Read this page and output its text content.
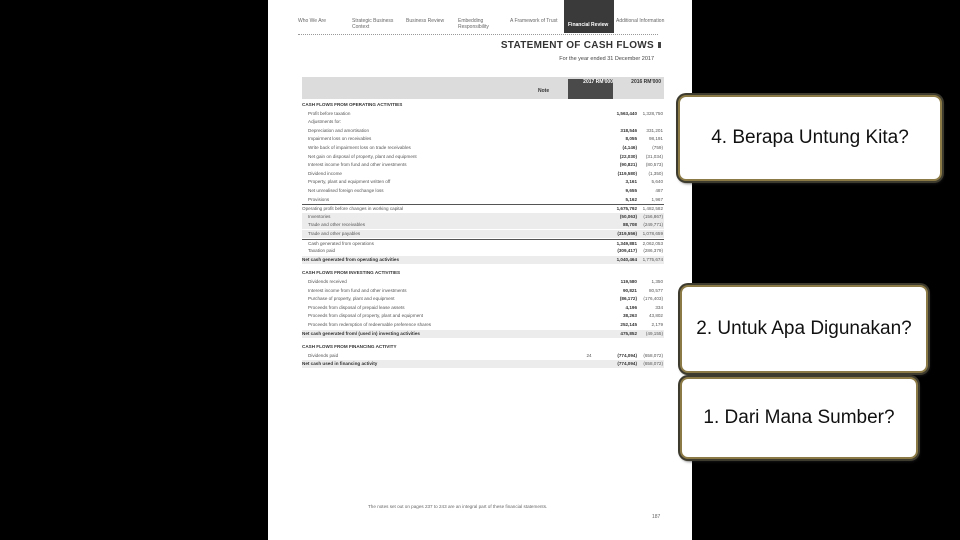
Who We Are	Strategic Business Context
Business Review	Embedding Responsibility
A Framework of Trust
Financial Review
Additional Information
STATEMENT OF CASH FLOWS
For the year ended 31 December 2017
Note
2017 RM'000	2016 RM'000
CASH FLOWS FROM OPERATING ACTIVITIES
Profit before taxation	1,563,440	1,328,750
Adjustments for:
Depreciation and amortisation	318,546	331,201
Impairment loss on receivables	8,055	98,191
Write back of impairment loss on trade receivables	(4,146)	(759)
Net gain on disposal of property, plant and equipment	(22,030)	(31,034)
Interest income from fund and other investments	(90,821)	(80,573)
Dividend income	(119,580)	(1,350)
Property, plant and equipment written off	3,161	5,640
Net unrealised foreign exchange loss	9,655	487
Provisions	5,162	1,967
Operating profit before changes in working capital	1,675,792	1,482,582
Inventories	(50,063)	(156,867)
Trade and other receivables	88,708	(249,771)
Trade and other payables	(319,556)	1,078,659
Cash generated from operations	1,349,881	2,062,053
Taxation paid	(309,417)	(286,379)
Net cash generated from operating activities	1,040,464	1,775,674
CASH FLOWS FROM INVESTING ACTIVITIES
Dividends received	119,580	1,350
Interest income from fund and other investments	90,821	80,577
Purchase of property, plant and equipment	(86,172)	(176,403)
Proceeds from disposal of prepaid lease assets	4,196	334
Proceeds from disposal of property, plant and equipment	38,263	43,802
Proceeds from redemption of redeemable preference shares	252,145	2,179
Net cash generated from/ (used in) investing activities	475,852	(49,155)
CASH FLOWS FROM FINANCING ACTIVITY
Dividends paid	24	(774,094)	(658,072)
Net cash used in financing activity	(774,094)	(658,072)
The notes set out on pages 237 to 243 are an integral part of these financial statements.
187
4. Berapa Untung Kita?
2. Untuk Apa Digunakan?
1. Dari Mana Sumber?
